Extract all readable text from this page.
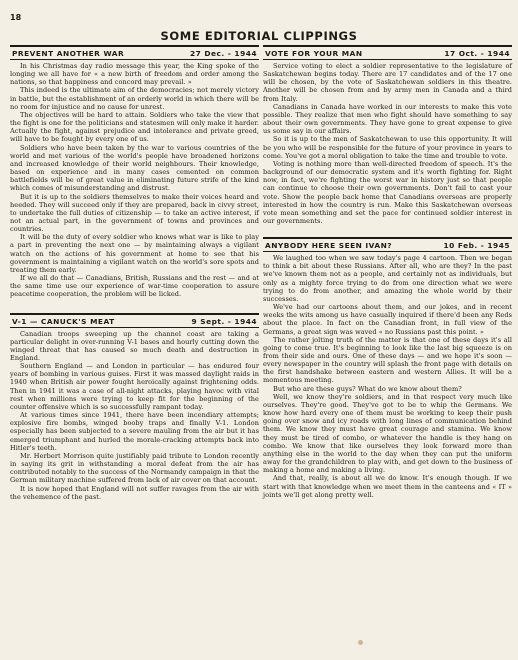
18
SOME EDITORIAL CLIPPINGS
PREVENT ANOTHER WAR	27 Dec. - 1944

In his Christmas day radio message this year, the King spoke of the longing we all have for « a new birth of freedom and order among the nations, so that happiness and concord may prevail. »

This indeed is the ultimate aim of the democracies; not merely victory in battle, but the establishment of an orderly world in which there will be no room for injustice and no cause for unrest.

The objectives will be hard to attain. Soldiers who take the view that the fight is one for the politicians and statesmen will only make it harder. Actually the fight, against prejudice and intolerance and private greed, will have to be fought by every one of us.

Soldiers who have been taken by the war to various countries of the world and met various of the world's people have broadened horizons and increased knowledge of their world neighbours. Their knowledge, based on experience and in many cases cemented on common battlefields will be of great value in eliminating future strife of the kind which comes of misunderstanding and distrust.

But it is up to the soldiers themselves to make their voices heard and heeded. They will succeed only if they are prepared, back in civvy street, to undertake the full duties of citizenship — to take an active interest, if not an actual part, in the government of towns and provinces and countries.

It will be the duty of every soldier who knows what war is like to play a part in preventing the next one — by maintaining always a vigilant watch on the actions of his government at home to see that his government is maintaining a vigilant watch on the world's sore spots and treating them early.

If we all do that — Canadians, British, Russians and the rest — and at the same time use our experience of war-time cooperation to assure peacetime cooperation, the problem will be licked.

V-1 — CANUCK'S MEAT	9 Sept. - 1944

Canadian troops sweeping up the channel coast are taking a particular delight in over-running V-1 bases and hourly cutting down the winged threat that has caused so much death and destruction in England.

Southern England — and London in particular — has endured four years of bombing in various guises. First it was massed daylight raids in 1940 when British air power fought heroically against frightening odds. Then in 1941 it was a case of all-night attacks, playing havoc with vital rest when millions were trying to keep fit for the beginning of the counter offensive which is so successfully rampant today.

At various times since 1941, there have been incendiary attempts; explosive fire bombs, winged booby traps and finally V-1. London especially has been subjected to a severe mauling from the air but it has emerged triumphant and hurled the morale-cracking attempts back into Hitler's teeth.

Mr. Herbert Morrison quite justifiably paid tribute to London recently in saying its grit in withstanding a moral defeat from the air has contributed notably to the success of the Normandy campaign in that the German military machine suffered from lack of air cover on that account.

It is now hoped that England will not suffer ravages from the air with the vehemence of the past.

VOTE FOR YOUR MAN	17 Oct. - 1944

Service voting to elect a soldier representative to the legislature of Saskatchewan begins today. There are 17 candidates and of the 17 one will be chosen, by the vote of Saskatchewan soldiers in this theatre. Another will be chosen from and by army men in Canada and a third from Italy.

Canadians in Canada have worked in our interests to make this vote possible. They realize that men who fight should have something to say about their own governments. They have gone to great expense to give us some say in our affairs.

So it is up to the men of Saskatchewan to use this opportunity. It will be you who will be responsible for the future of your province in years to come. You've got a moral obligation to take the time and trouble to vote.

Voting is nothing more than well-directed freedom of speech. It's the background of our democratic system and it's worth fighting for. Right now, in fact, we're fighting the worst war in history just so that people can continue to choose their own governments. Don't fail to cast your vote. Show the people back home that Canadians overseas are properly interested in how the country is run. Make this Saskatchewan overseas vote mean something and set the pace for continued soldier interest in our governments.

ANYBODY HERE SEEN IVAN?	10 Feb. - 1945

We laughed too when we saw today's page 4 cartoon. Then we began to think a bit about these Russians. After all, who are they? In the past we've known them not as a people, and certainly not as individuals, but only as a mighty force trying to do from one direction what we were trying to do from another, and amazing the whole world by their successes.

We've had our cartoons about them, and our jokes, and in recent weeks the wits among us have casually inquired if there'd been any Reds about the place. In fact on the Canadian front, in full view of the Germans, a great sign was waved « no Russians past this point. »

The rather jolting truth of the matter is that one of these days it's all going to come true. It's beginning to look like the last big squeeze is on from their side and ours. One of these days — and we hope it's soon — every newspaper in the country will splash the front page with details on the first handshake between eastern and western Allies. It will be a momentous meeting.

But who are these guys? What do we know about them?

Well, we know they're soldiers, and in that respect very much like ourselves. They're good. They've got to be to whip the Germans. We know how hard every one of them must be working to keep their push going over snow and icy roads with long lines of communication behind them. We know they must have great courage and stamina. We know they must be tired of combo, or whatever the handle is they hang on combo. We know that like ourselves they look forward more than anything else in the world to the day when they can put the uniform away for the grandchildren to play with, and get down to the business of making a home and making a living.

And that, really, is about all we do know. It's enough though. If we start with that knowledge when we meet them in the canteens and « IT » joints we'll get along pretty well.
